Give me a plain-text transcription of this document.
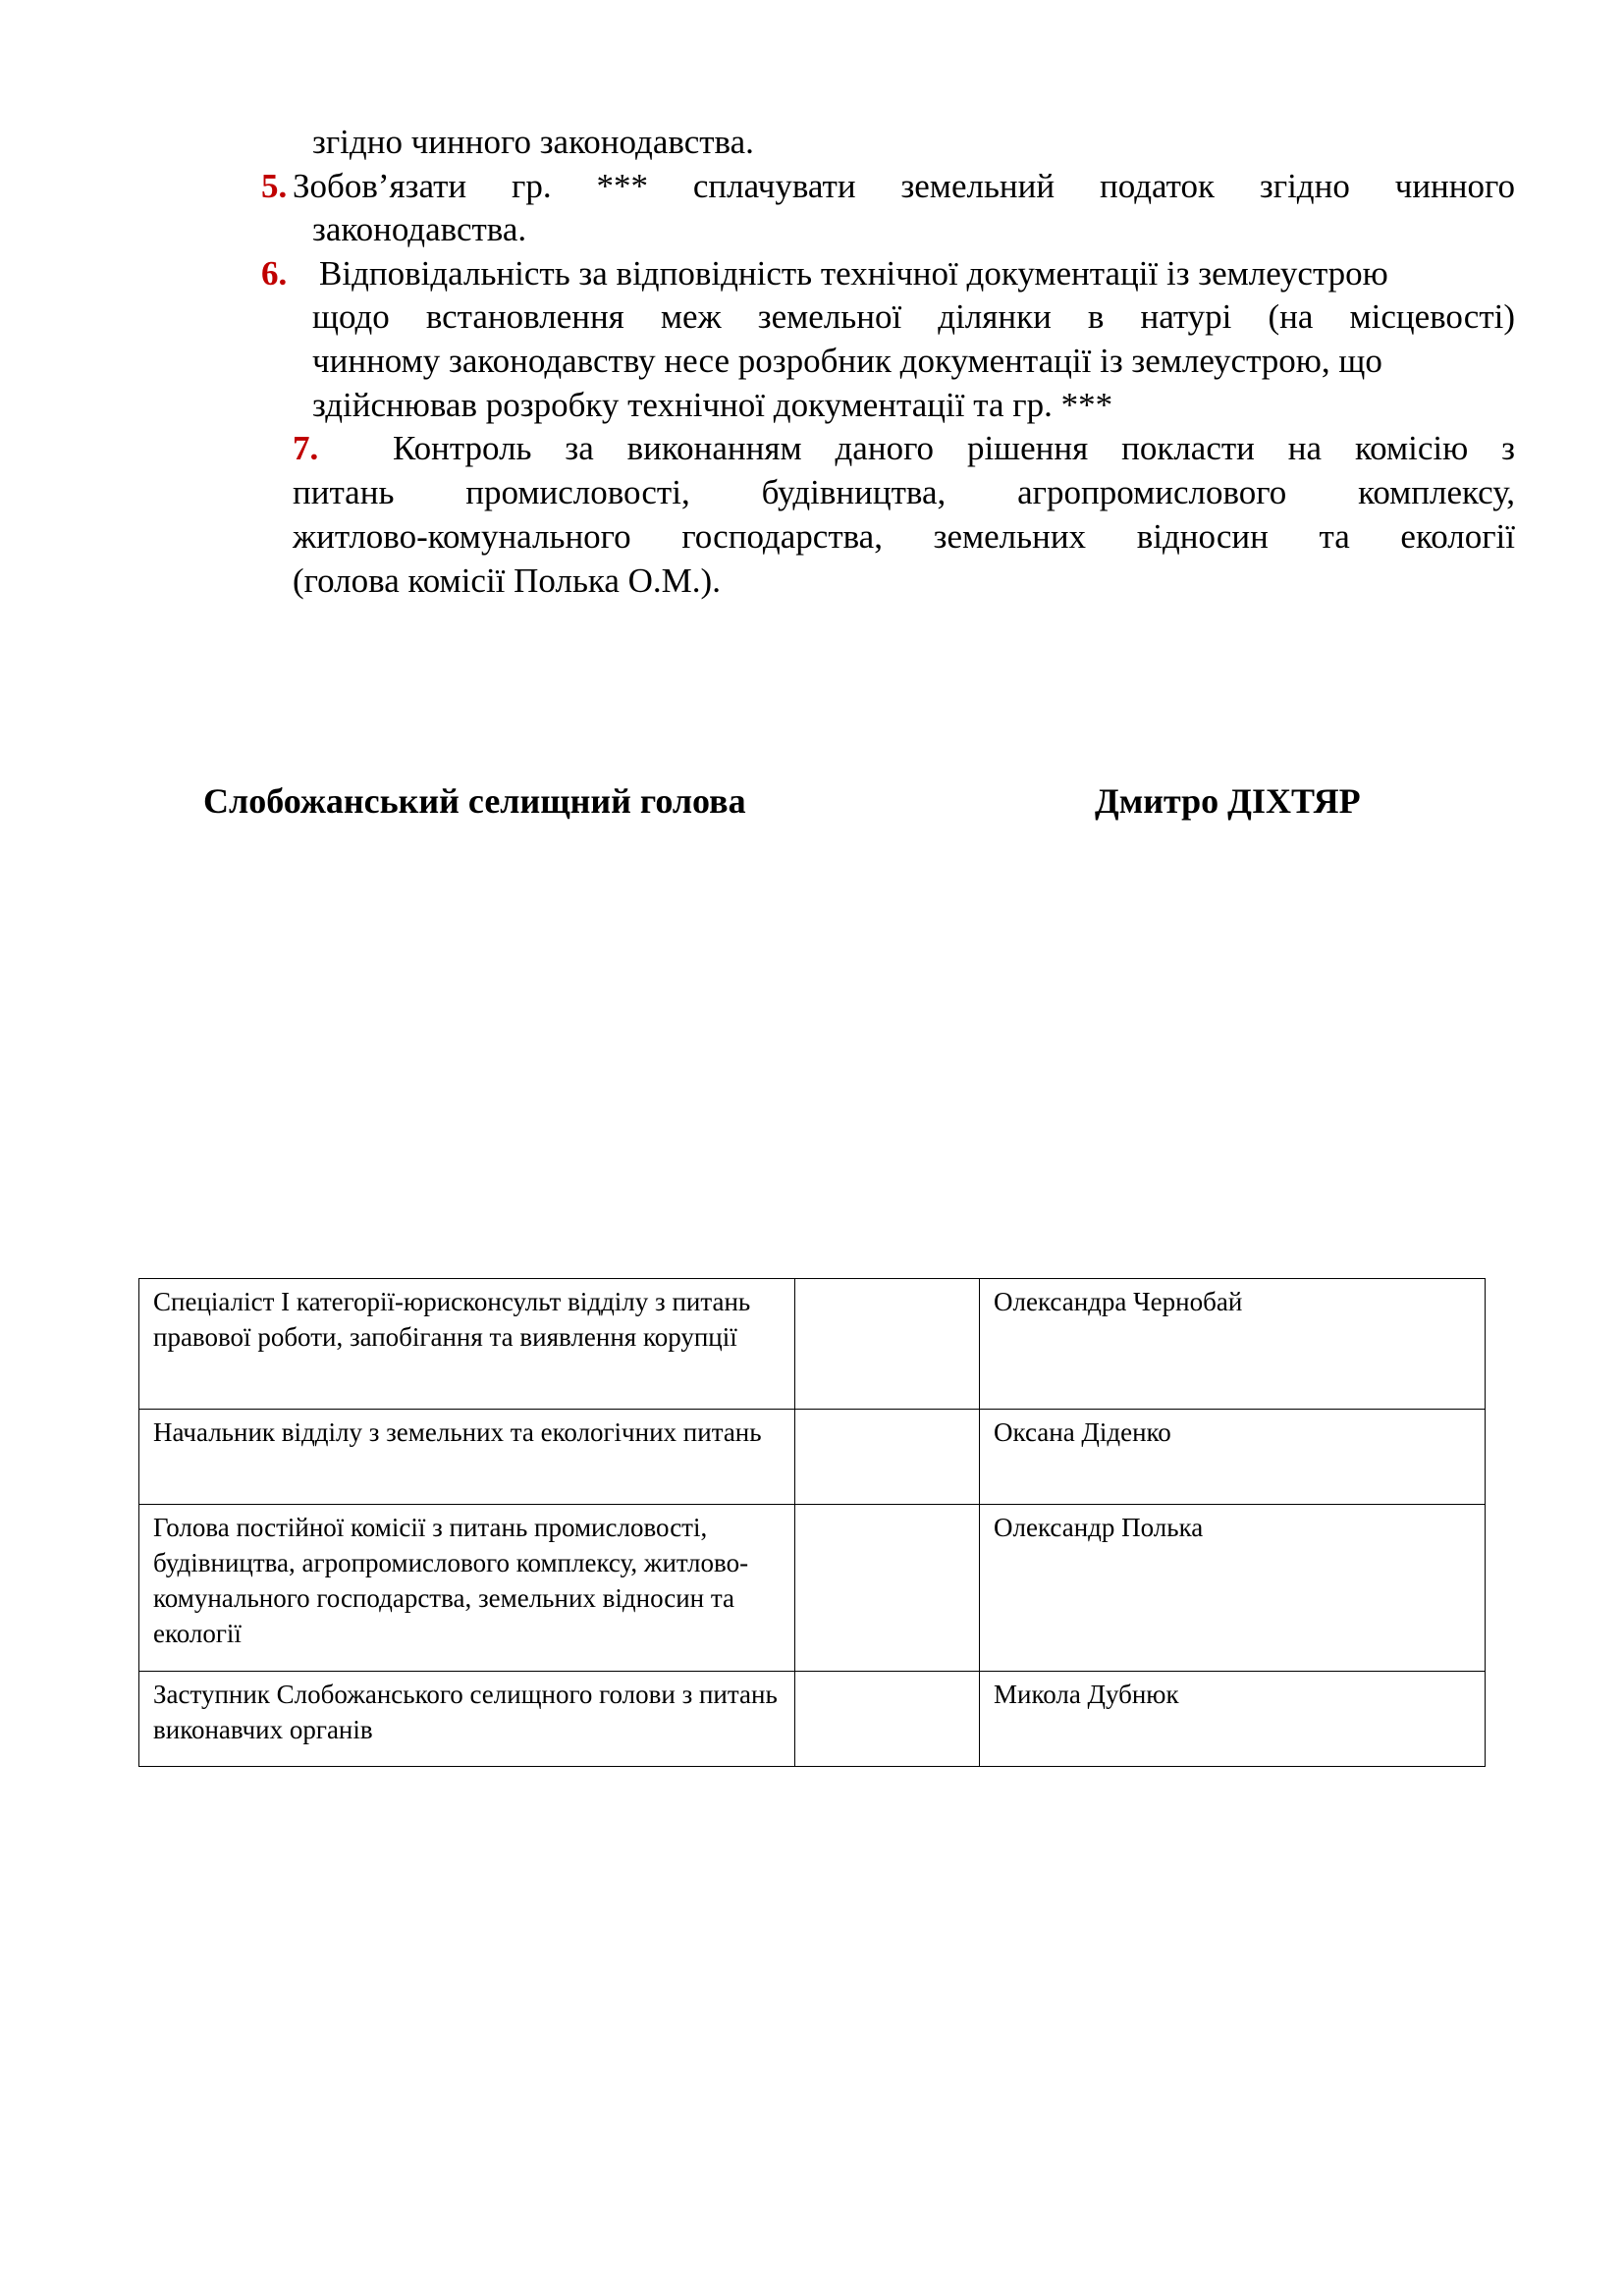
згідно чинного законодавства.
5. Зобов’язати гр. *** сплачувати земельний податок згідно чинного
законодавства.
6. Відповідальність за відповідність технічної документації із землеустрою
щодо встановлення меж земельної ділянки в натурі (на місцевості)
чинному законодавству несе розробник документації із землеустрою, що
здійснював розробку технічної документації та гр. ***
7. Контроль за виконанням даного рішення покласти на комісію з
питань промисловості, будівництва, агропромислового комплексу,
житлово-комунального господарства, земельних відносин та екології
(голова комісії Полька О.М.).
Слобожанський селищний голова	Дмитро ДІХТЯР
Спеціаліст І категорії-юрисконсульт відділу з питань правової роботи, запобігання та виявлення корупції		Олександра Чернобай
Начальник відділу з земельних та екологічних питань		Оксана Діденко
Голова постійної комісії з питань промисловості, будівництва, агропромислового комплексу, житлово-комунального господарства, земельних відносин та екології		Олександр Полька
Заступник Слобожанського селищного голови з питань виконавчих органів		Микола Дубнюк
